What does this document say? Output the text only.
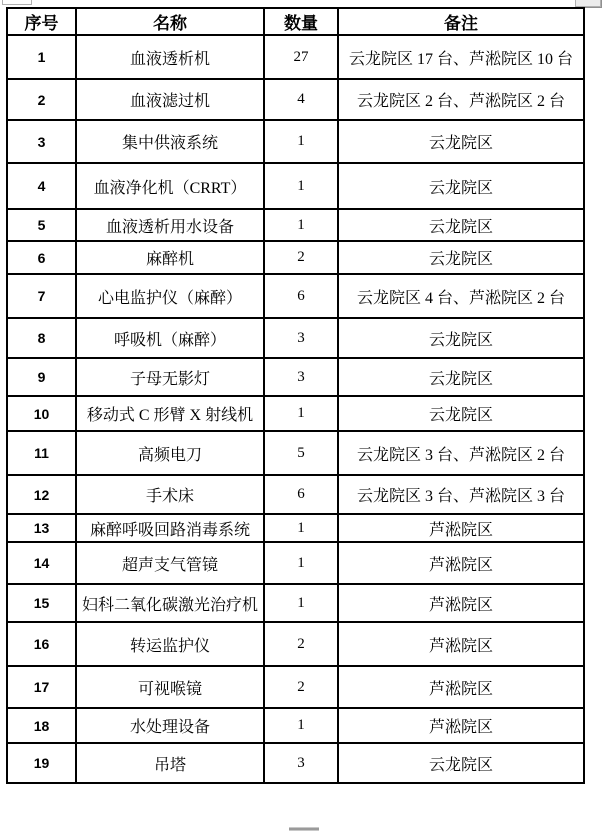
序号	名称	数量	备注
1	血液透析机	27	云龙院区 17 台、芦淞院区 10 台
2	血液滤过机	4	云龙院区 2 台、芦淞院区 2 台
3	集中供液系统	1	云龙院区
4	血液净化机（CRRT）	1	云龙院区
5	血液透析用水设备	1	云龙院区
6	麻醉机	2	云龙院区
7	心电监护仪（麻醉）	6	云龙院区 4 台、芦淞院区 2 台
8	呼吸机（麻醉）	3	云龙院区
9	子母无影灯	3	云龙院区
10	移动式 C 形臂 X 射线机	1	云龙院区
11	高频电刀	5	云龙院区 3 台、芦淞院区 2 台
12	手术床	6	云龙院区 3 台、芦淞院区 3 台
13	麻醉呼吸回路消毒系统	1	芦淞院区
14	超声支气管镜	1	芦淞院区
15	妇科二氧化碳激光治疗机	1	芦淞院区
16	转运监护仪	2	芦淞院区
17	可视喉镜	2	芦淞院区
18	水处理设备	1	芦淞院区
19	吊塔	3	云龙院区
